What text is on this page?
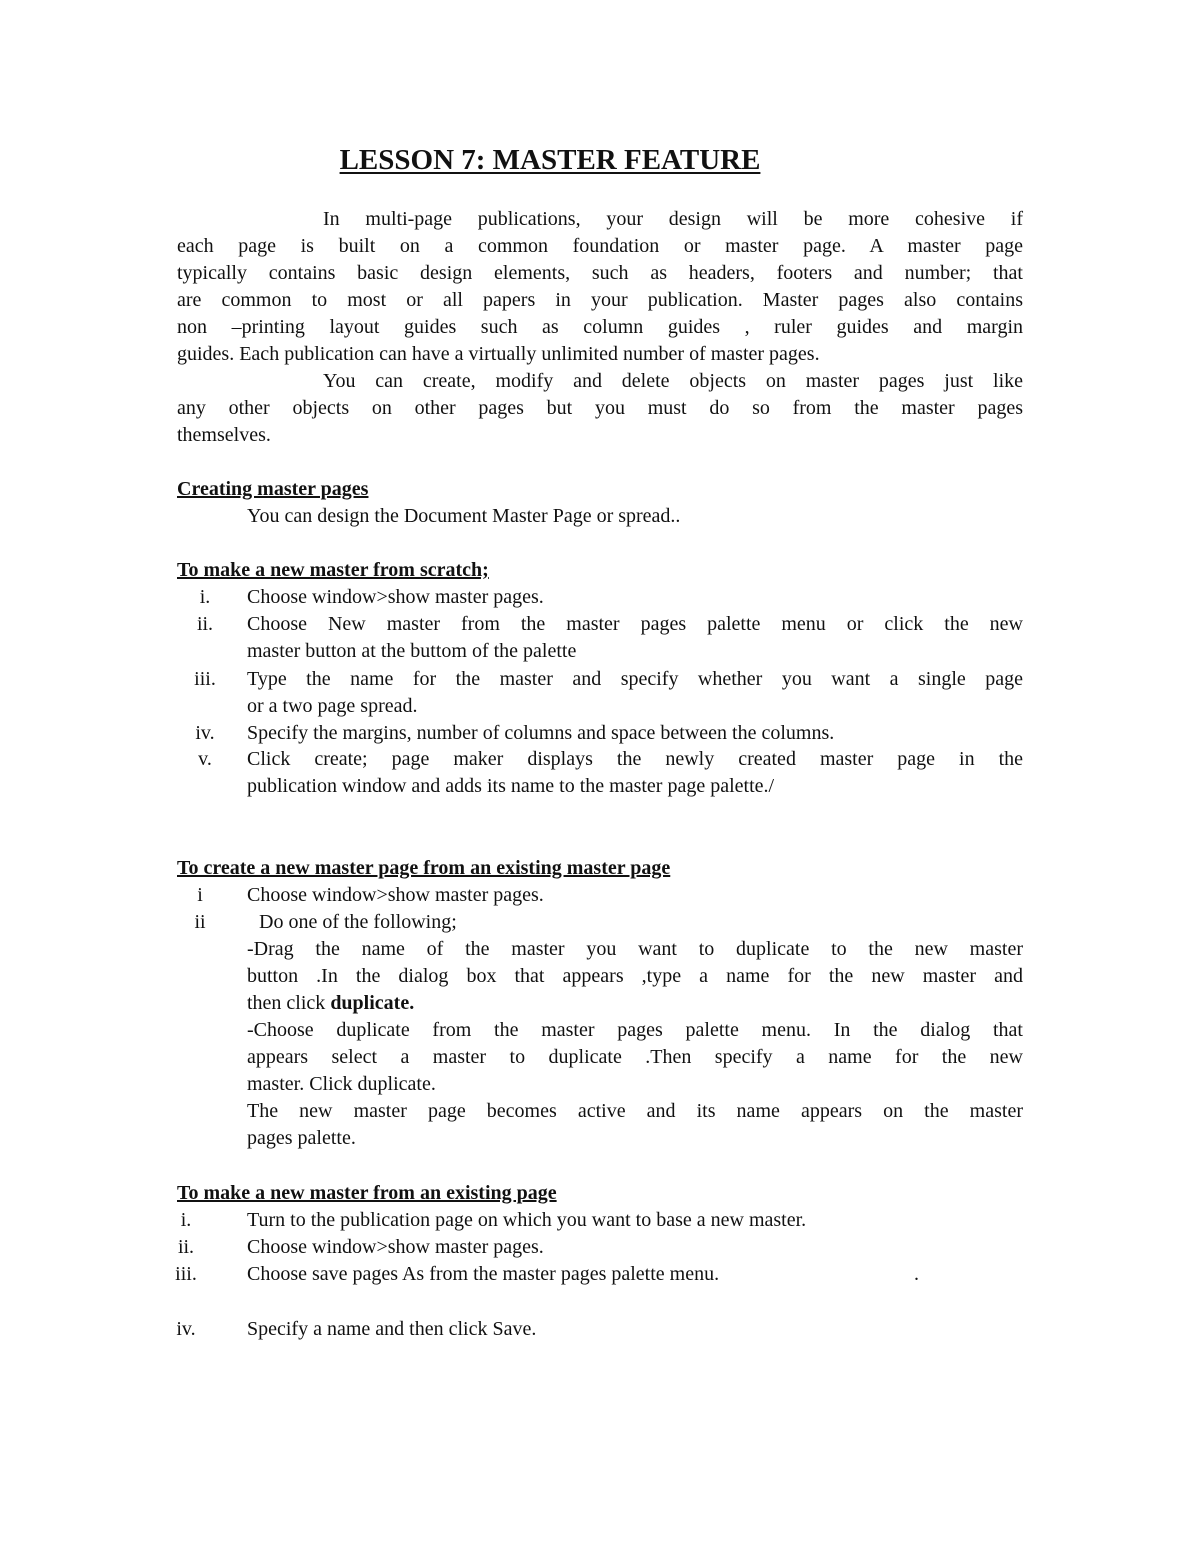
LESSON 7: MASTER FEATURE
In multi-page publications, your design will be more cohesive if
each page is built on a common foundation or master page. A master page
typically contains basic design elements, such as headers, footers and number; that
are common to most or all papers in your publication. Master pages also contains
non –printing layout guides such as column guides , ruler guides and margin
guides. Each publication can have a virtually unlimited number of master pages.
You can create, modify and delete objects on master pages just like
any other objects on other pages but you must do so from the master pages
themselves.
Creating master pages
You can design the Document Master Page or spread..
To make a new master from scratch;
i.	Choose window>show master pages.
ii.	Choose New master from the master pages palette menu or click the new
master button at the buttom of the palette
iii.	Type the name for the master and specify whether you want a single page
or a two page spread.
iv.	Specify the margins, number of columns and space between the columns.
v.	Click create; page maker displays the newly created master page in the
publication window and adds its name to the master page palette./
To create a new master page from an existing master page
i	Choose window>show master pages.
ii	Do one of the following;
-Drag the name of the master you want to duplicate to the new master
button .In the dialog box that appears ,type a name for the new master and
then click duplicate.
-Choose duplicate from the master pages palette menu. In the dialog that
appears select a master to duplicate .Then specify a name for the new
master. Click duplicate.
The new master page becomes active and its name appears on the master
pages palette.
To make a new master from an existing page
i.	Turn to the publication page on which you want to base a new master.
ii.	Choose window>show master pages.
iii.	Choose save pages As from the master pages palette menu.	.
iv.	Specify a name and then click Save.
